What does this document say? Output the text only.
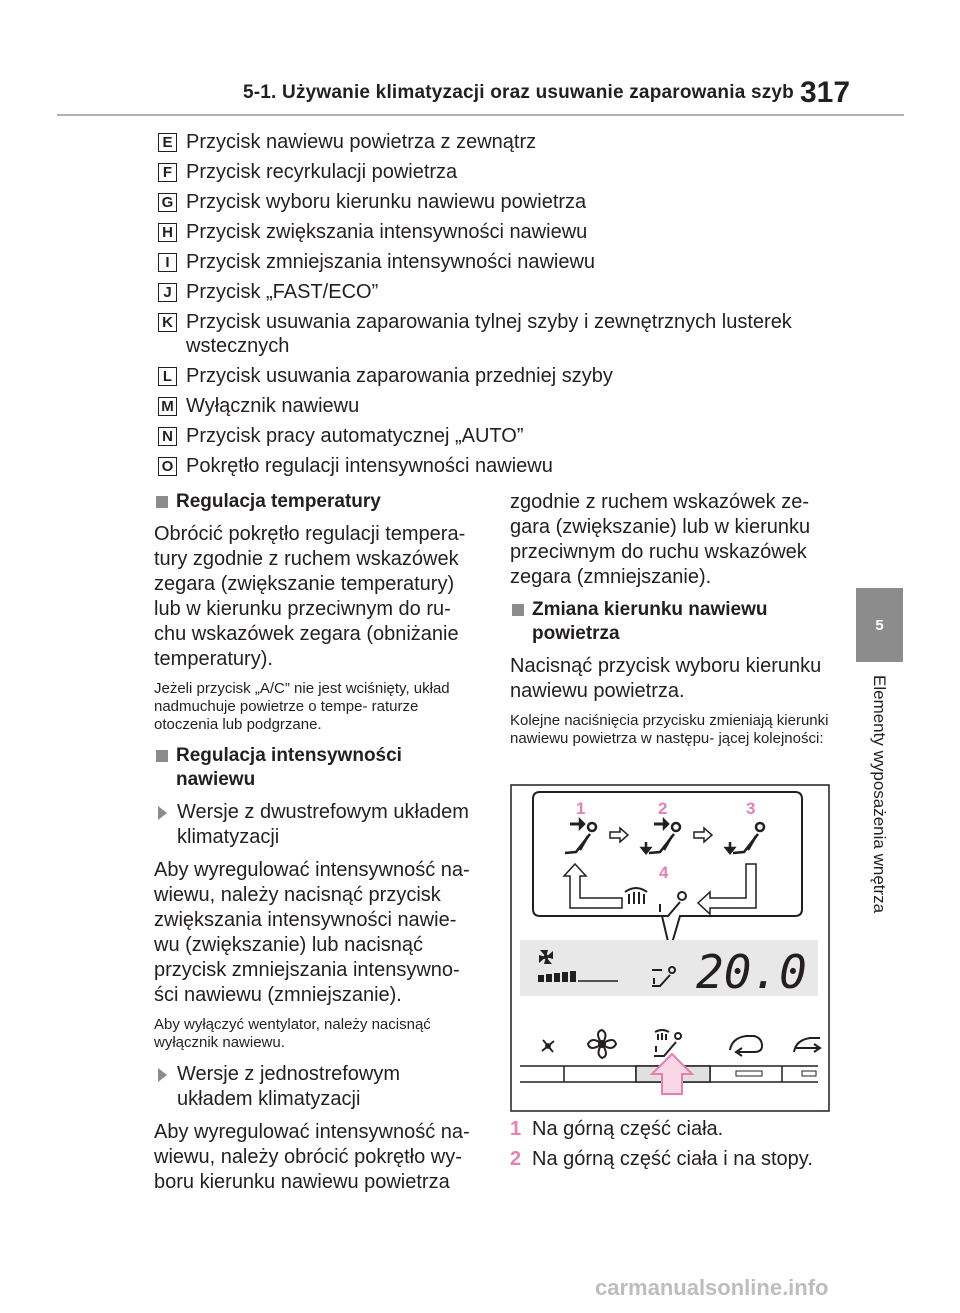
5-1. Używanie klimatyzacji oraz usuwanie zaparowania szyb 317
5
Elementy wyposażenia wnętrza
E Przycisk nawiewu powietrza z zewnątrz
F Przycisk recyrkulacji powietrza
G Przycisk wyboru kierunku nawiewu powietrza
H Przycisk zwiększania intensywności nawiewu
I Przycisk zmniejszania intensywności nawiewu
J Przycisk „FAST/ECO”
K Przycisk usuwania zaparowania tylnej szyby i zewnętrznych lusterek wstecznych
L Przycisk usuwania zaparowania przedniej szyby
M Wyłącznik nawiewu
N Przycisk pracy automatycznej „AUTO”
O Pokrętło regulacji intensywności nawiewu
Regulacja temperatury

Obrócić pokrętło regulacji tempera- tury zgodnie z ruchem wskazówek zegara (zwiększanie temperatury) lub w kierunku przeciwnym do ru- chu wskazówek zegara (obniżanie temperatury).

Jeżeli przycisk „A/C” nie jest wciśnięty, układ nadmuchuje powietrze o tempe- raturze otoczenia lub podgrzane.

Regulacja intensywności nawiewu
Wersje z dwustrefowym układem klimatyzacji

Aby wyregulować intensywność na- wiewu, należy nacisnąć przycisk zwiększania intensywności nawie- wu (zwiększanie) lub nacisnąć przycisk zmniejszania intensywno- ści nawiewu (zmniejszanie).

Aby wyłączyć wentylator, należy nacisnąć wyłącznik nawiewu.

Wersje z jednostrefowym układem klimatyzacji

Aby wyregulować intensywność na- wiewu, należy obrócić pokrętło wy- boru kierunku nawiewu powietrza

zgodnie z ruchem wskazówek ze- gara (zwiększanie) lub w kierunku przeciwnym do ruchu wskazówek zegara (zmniejszanie).

Zmiana kierunku nawiewu powietrza

Nacisnąć przycisk wyboru kierunku nawiewu powietrza.

Kolejne naciśnięcia przycisku zmieniają kierunki nawiewu powietrza w następu- jącej kolejności:

1	2	3
4
20.0
1 Na górną część ciała.
2 Na górną część ciała i na stopy.
carmanualsonline.info
